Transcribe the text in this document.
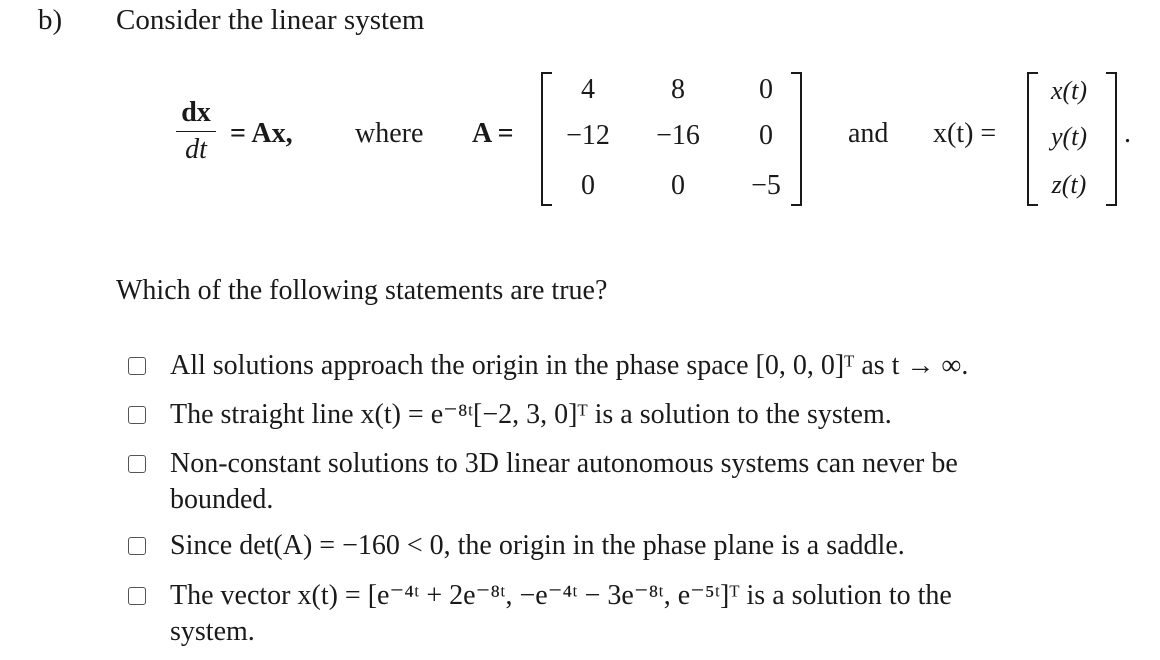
b) Consider the linear system
dx
dt
= Ax, where A =
4	8	0
−12 −16	0
0	0	−5
and x(t) =
x(t)
y(t)
z(t)
.
Which of the following statements are true?
All solutions approach the origin in the phase space [0, 0, 0]ᵀ as t → ∞.
The straight line x(t) = e⁻⁸ᵗ[−2, 3, 0]ᵀ is a solution to the system.
Non-constant solutions to 3D linear autonomous systems can never be
bounded.
Since det(A) = −160 < 0, the origin in the phase plane is a saddle.
The vector x(t) = [e⁻⁴ᵗ + 2e⁻⁸ᵗ, −e⁻⁴ᵗ − 3e⁻⁸ᵗ, e⁻⁵ᵗ]ᵀ is a solution to the
system.
